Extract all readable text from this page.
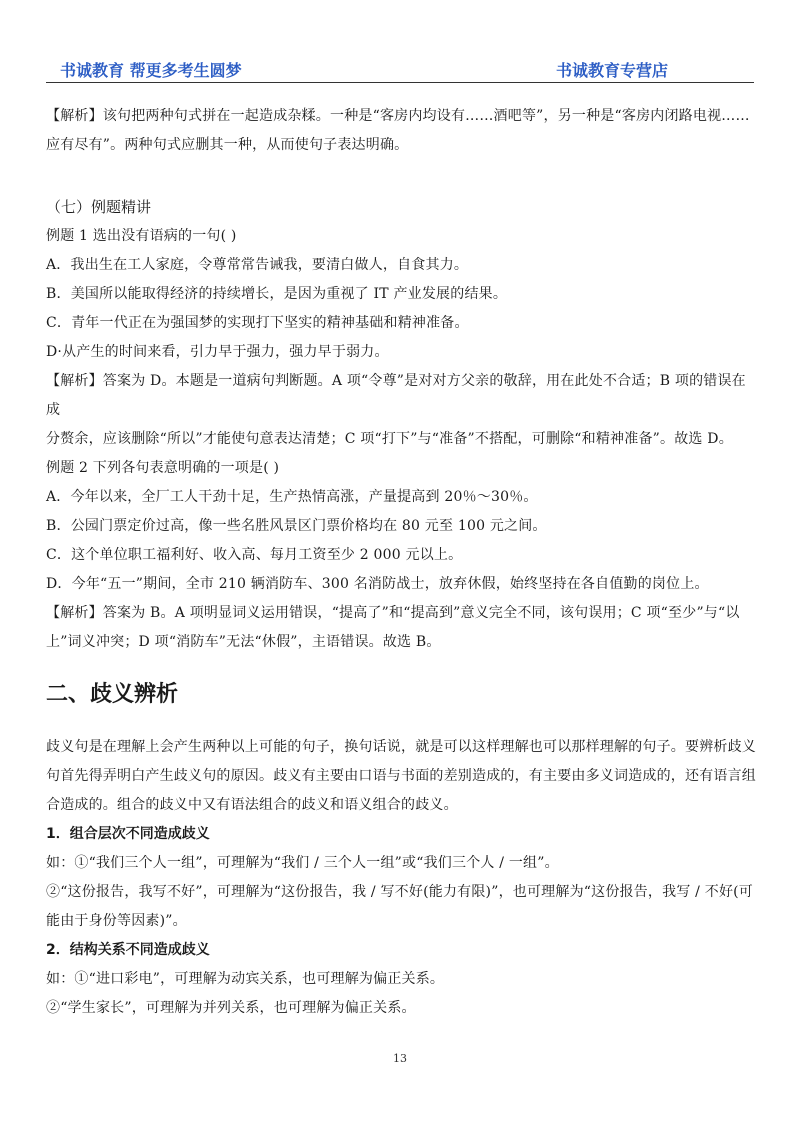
书诚教育 帮更多考生圆梦	书诚教育专营店

【解析】该句把两种句式拼在一起造成杂糅。一种是“客房内均设有……酒吧等”，另一种是“客房内闭路电视……

应有尽有”。两种句式应删其一种，从而使句子表达明确。

（七）例题精讲

例题 1 选出没有语病的一句( )

A．我出生在工人家庭，令尊常常告诫我，要清白做人，自食其力。

B．美国所以能取得经济的持续增长，是因为重视了 IT 产业发展的结果。

C．青年一代正在为强国梦的实现打下坚实的精神基础和精神准备。

D·从产生的时间来看，引力早于强力，强力早于弱力。

【解析】答案为 D。本题是一道病句判断题。A 项“令尊”是对对方父亲的敬辞，用在此处不合适；B 项的错误在成

分赘余，应该删除“所以”才能使句意表达清楚；C 项“打下”与“准备”不搭配，可删除“和精神准备”。故选 D。

例题 2 下列各句表意明确的一项是( )

A．今年以来，全厂工人干劲十足，生产热情高涨，产量提高到 20％～30％。

B．公园门票定价过高，像一些名胜风景区门票价格均在 80 元至 100 元之间。

C．这个单位职工福利好、收入高、每月工资至少 2 000 元以上。

D．今年“五一”期间，全市 210 辆消防车、300 名消防战士，放弃休假，始终坚持在各自值勤的岗位上。

【解析】答案为 B。A 项明显词义运用错误，“提高了”和“提高到”意义完全不同，该句误用；C 项“至少”与“以

上”词义冲突；D 项“消防车”无法“休假”，主语错误。故选 B。

二、歧义辨析

歧义句是在理解上会产生两种以上可能的句子，换句话说，就是可以这样理解也可以那样理解的句子。要辨析歧义

句首先得弄明白产生歧义句的原因。歧义有主要由口语与书面的差别造成的，有主要由多义词造成的，还有语言组

合造成的。组合的歧义中又有语法组合的歧义和语义组合的歧义。

1．组合层次不同造成歧义

如：①“我们三个人一组”，可理解为“我们 / 三个人一组”或“我们三个人 / 一组”。

②“这份报告，我写不好”，可理解为“这份报告，我 / 写不好(能力有限)”，也可理解为“这份报告，我写 / 不好(可

能由于身份等因素)”。

2．结构关系不同造成歧义

如：①“进口彩电”，可理解为动宾关系，也可理解为偏正关系。

②“学生家长”，可理解为并列关系，也可理解为偏正关系。

13
